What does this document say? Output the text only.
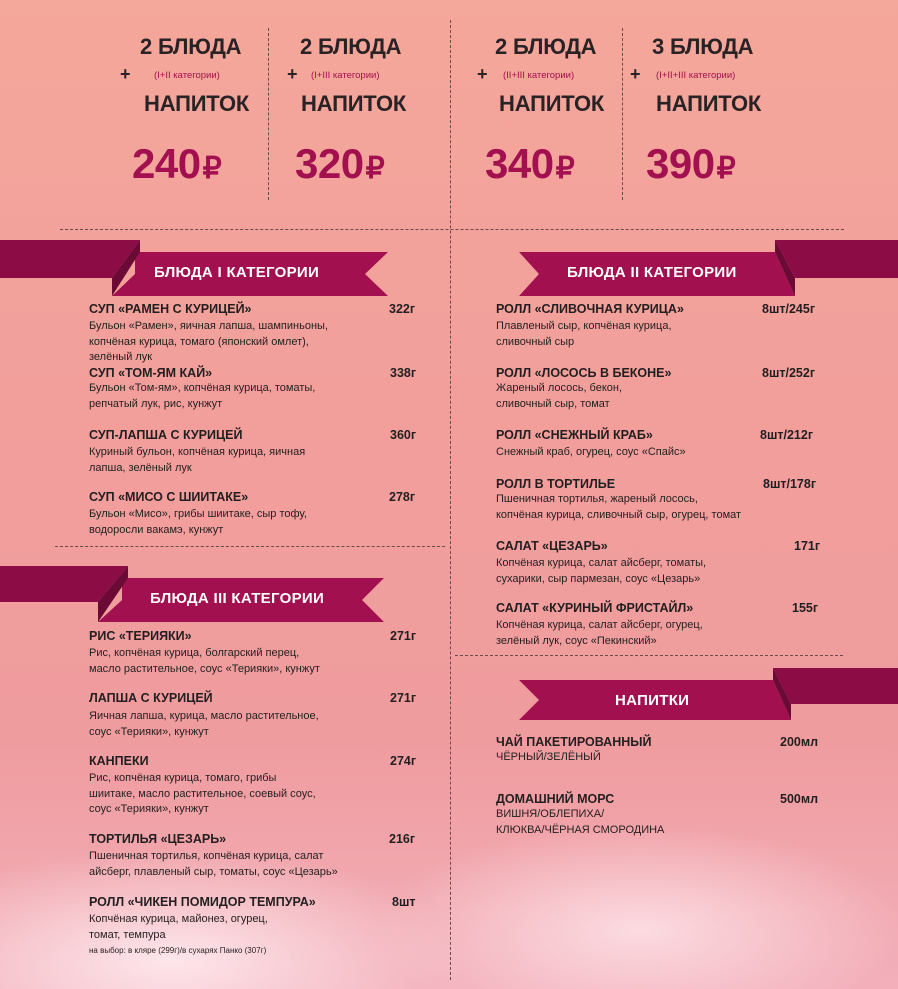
2 БЛЮДА
+ (I+II категории)
НАПИТОК
240₽
2 БЛЮДА
+ (I+III категории)
НАПИТОК
320₽
2 БЛЮДА
+ (II+III категории)
НАПИТОК
340₽
3 БЛЮДА
+ (I+II+III категории)
НАПИТОК
390₽
БЛЮДА I КАТЕГОРИИ	БЛЮДА II КАТЕГОРИИ
БЛЮДА III КАТЕГОРИИ
НАПИТКИ
СУП «РАМЕН С КУРИЦЕЙ»	322г
Бульон «Рамен», яичная лапша, шампиньоны,
копчёная курица, томаго (японский омлет),
зелёный лук
СУП «ТОМ-ЯМ КАЙ»	338г
Бульон «Том-ям», копчёная курица, томаты,
репчатый лук, рис, кунжут
СУП-ЛАПША С КУРИЦЕЙ	360г
Куриный бульон, копчёная курица, яичная
лапша, зелёный лук
СУП «МИСО С ШИИТАКЕ»	278г
Бульон «Мисо», грибы шиитаке, сыр тофу,
водоросли вакамэ, кунжут
РИС «ТЕРИЯКИ»	271г
Рис, копчёная курица, болгарский перец,
масло растительное, соус «Терияки», кунжут
ЛАПША С КУРИЦЕЙ	271г
Яичная лапша, курица, масло растительное,
соус «Терияки», кунжут
КАНПЕКИ	274г
Рис, копчёная курица, томаго, грибы
шиитаке, масло растительное, соевый соус,
соус «Терияки», кунжут
ТОРТИЛЬЯ «ЦЕЗАРЬ»	216г
Пшеничная тортилья, копчёная курица, салат
айсберг, плавленый сыр, томаты, соус «Цезарь»
РОЛЛ «ЧИКЕН ПОМИДОР ТЕМПУРА»	8шт
Копчёная курица, майонез, огурец,
томат, темпура
на выбор: в кляре (299г)/в сухарях Панко (307г)
РОЛЛ «СЛИВОЧНАЯ КУРИЦА»	8шт/245г
Плавленый сыр, копчёная курица,
сливочный сыр
РОЛЛ «ЛОСОСЬ В БЕКОНЕ»	8шт/252г
Жареный лосось, бекон,
сливочный сыр, томат
РОЛЛ «СНЕЖНЫЙ КРАБ»	8шт/212г
Снежный краб, огурец, соус «Спайс»
РОЛЛ В ТОРТИЛЬЕ	8шт/178г
Пшеничная тортилья, жареный лосось,
копчёная курица, сливочный сыр, огурец, томат
САЛАТ «ЦЕЗАРЬ»	171г
Копчёная курица, салат айсберг, томаты,
сухарики, сыр пармезан, соус «Цезарь»
САЛАТ «КУРИНЫЙ ФРИСТАЙЛ»	155г
Копчёная курица, салат айсберг, огурец,
зелёный лук, соус «Пекинский»
ЧАЙ ПАКЕТИРОВАННЫЙ	200мл
ЧЁРНЫЙ/ЗЕЛЁНЫЙ
ДОМАШНИЙ МОРС	500мл
ВИШНЯ/ОБЛЕПИХА/
КЛЮКВА/ЧЁРНАЯ СМОРОДИНА
